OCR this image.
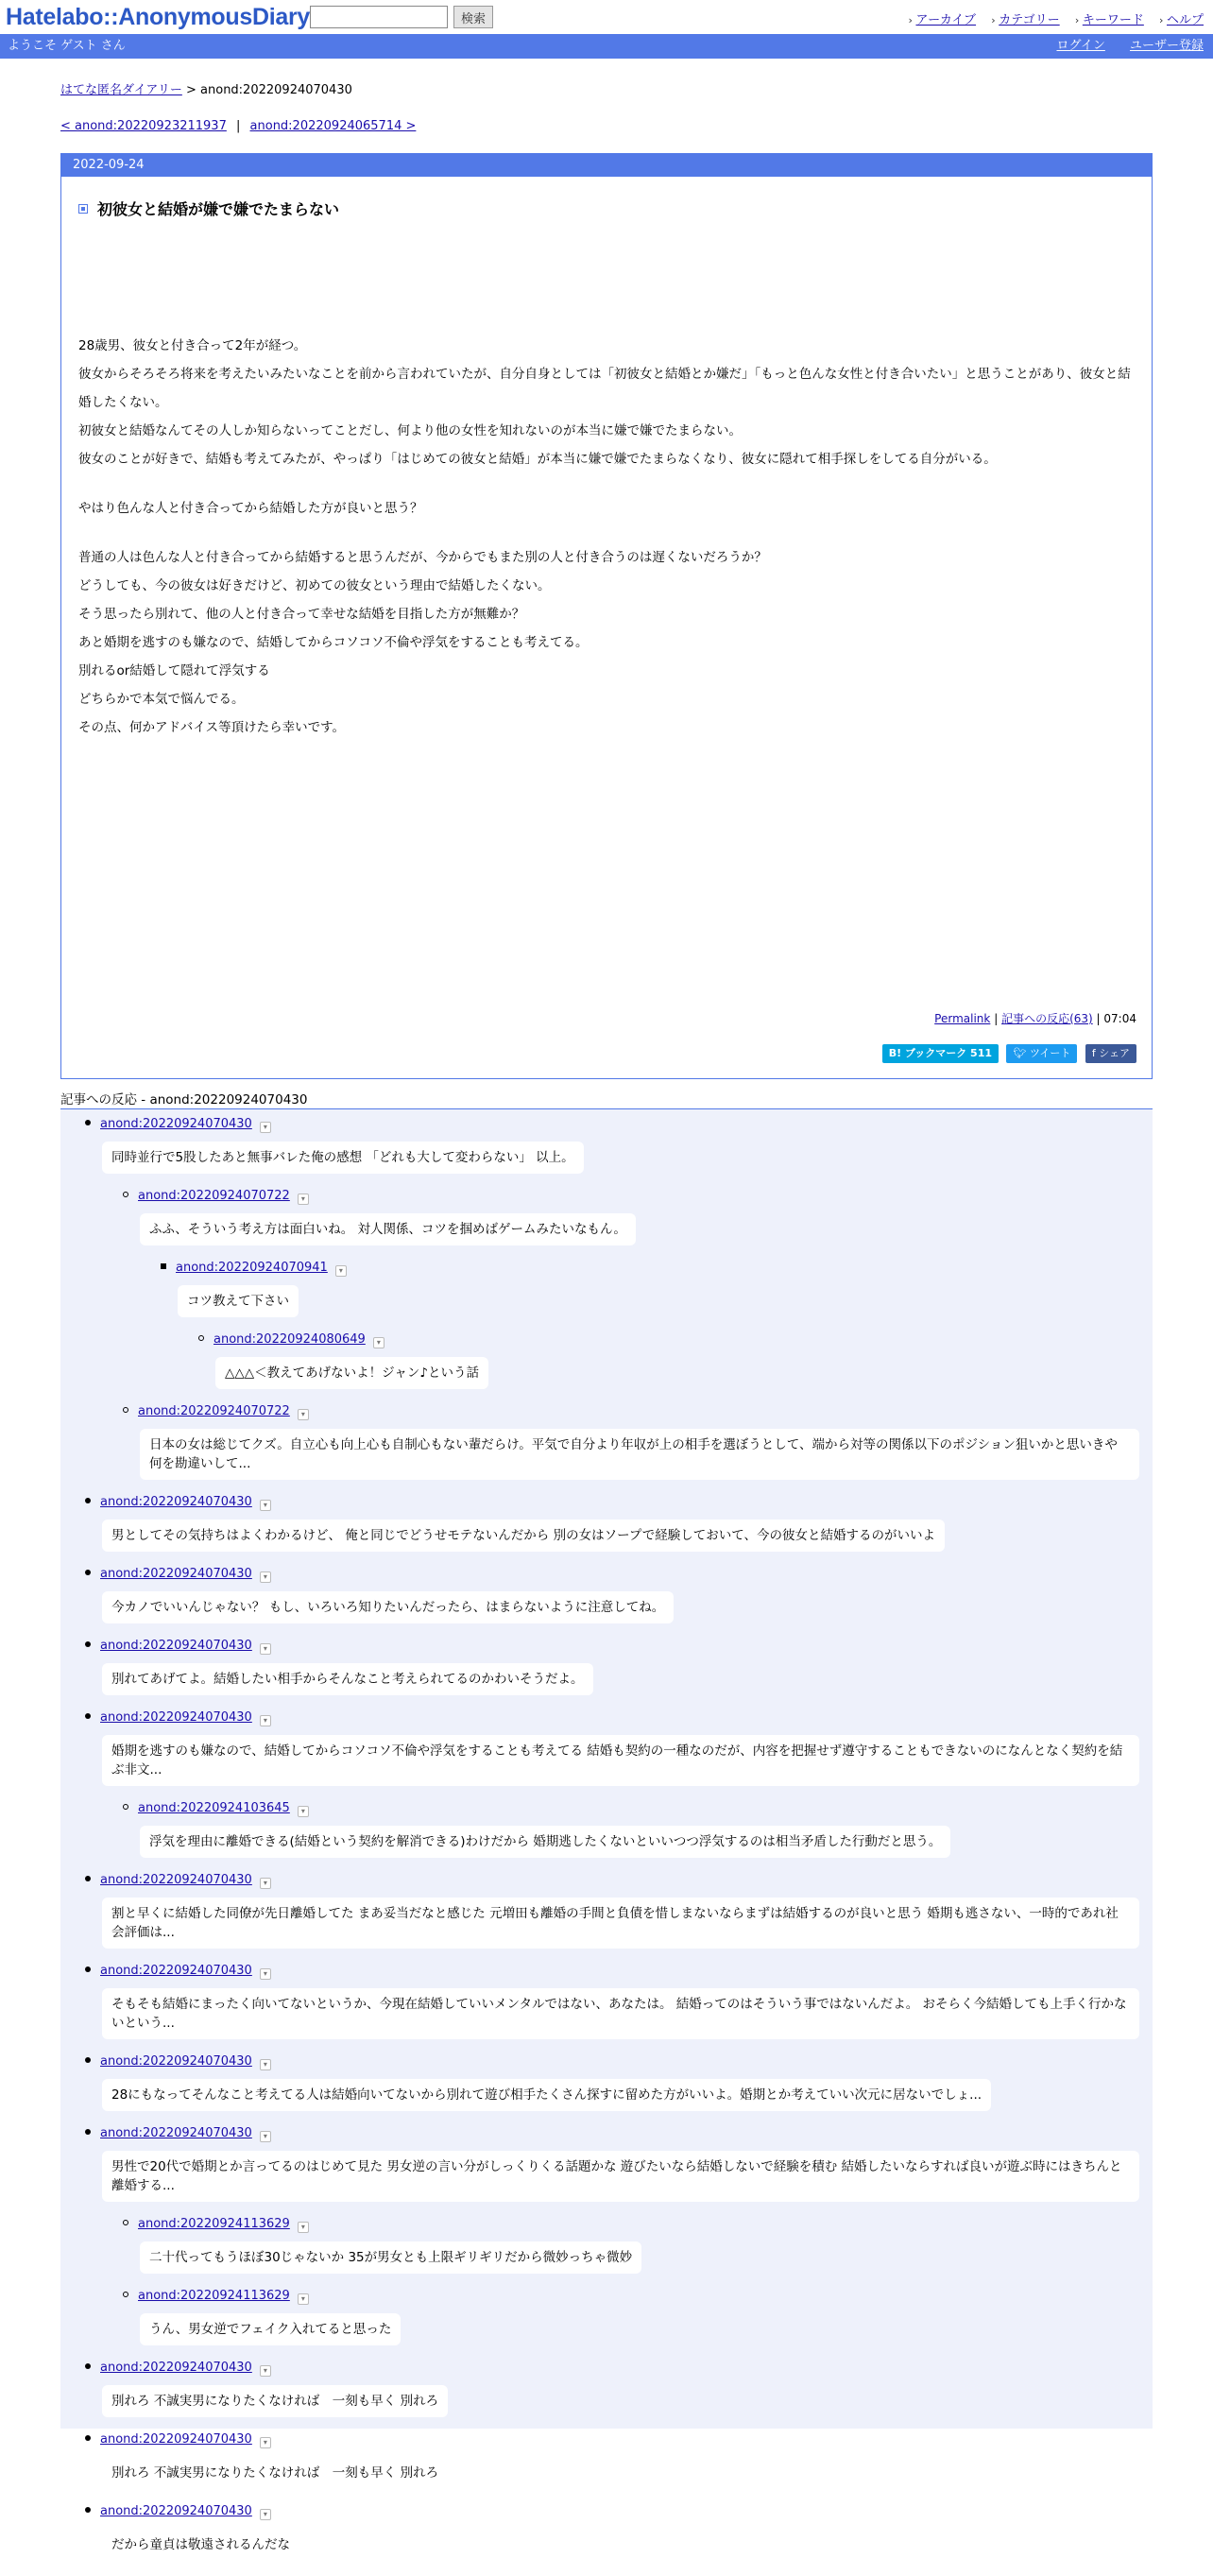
Hatelabo::AnonymousDiary	検索	› アーカイブ › カテゴリー › キーワード › ヘルプ
ようこそ ゲスト さん	ログイン ユーザー登録
はてな匿名ダイアリー > anond:20220924070430
< anond:20220923211937 | anond:20220924065714 >
2022-09-24
初彼女と結婚が嫌で嫌でたまらない

28歳男、彼女と付き合って2年が経つ。

彼女からそろそろ将来を考えたいみたいなことを前から言われていたが、自分自身としては「初彼女と結婚とか嫌だ」「もっと色んな女性と付き合いたい」と思うことがあり、彼女と結婚したくない。

初彼女と結婚なんてその人しか知らないってことだし、何より他の女性を知れないのが本当に嫌で嫌でたまらない。

彼女のことが好きで、結婚も考えてみたが、やっぱり「はじめての彼女と結婚」が本当に嫌で嫌でたまらなくなり、彼女に隠れて相手探しをしてる自分がいる。

やはり色んな人と付き合ってから結婚した方が良いと思う？

普通の人は色んな人と付き合ってから結婚すると思うんだが、今からでもまた別の人と付き合うのは遅くないだろうか？

どうしても、今の彼女は好きだけど、初めての彼女という理由で結婚したくない。

そう思ったら別れて、他の人と付き合って幸せな結婚を目指した方が無難か？

あと婚期を逃すのも嫌なので、結婚してからコソコソ不倫や浮気をすることも考えてる。

別れるor結婚して隠れて浮気する

どちらかで本気で悩んでる。

その点、何かアドバイス等頂けたら幸いです。

Permalink | 記事への反応(63) | 07:04
B! ブックマーク 511 🐦︎ ツイート f シェア
記事への反応 - anond:20220924070430
anond:20220924070430 ▾
同時並行で5股したあと無事バレた俺の感想 「どれも大して変わらない」 以上。
anond:20220924070722 ▾
ふふ、そういう考え方は面白いね。 対人関係、コツを掴めばゲームみたいなもん。
anond:20220924070941 ▾
コツ教えて下さい
anond:20220924080649 ▾
△△△＜教えてあげないよ！ジャン♪という話
anond:20220924070722 ▾
日本の女は総じてクズ。自立心も向上心も自制心もない輩だらけ。平気で自分より年収が上の相手を選ぼうとして、端から対等の関係以下のポジション狙いかと思いきや何を勘違いして...
anond:20220924070430 ▾
男としてその気持ちはよくわかるけど、 俺と同じでどうせモテないんだから 別の女はソープで経験しておいて、今の彼女と結婚するのがいいよ
anond:20220924070430 ▾
今カノでいいんじゃない？ もし、いろいろ知りたいんだったら、はまらないように注意してね。
anond:20220924070430 ▾
別れてあげてよ。結婚したい相手からそんなこと考えられてるのかわいそうだよ。
anond:20220924070430 ▾
婚期を逃すのも嫌なので、結婚してからコソコソ不倫や浮気をすることも考えてる 結婚も契約の一種なのだが、内容を把握せず遵守することもできないのになんとなく契約を結ぶ非文...
anond:20220924103645 ▾
浮気を理由に離婚できる(結婚という契約を解消できる)わけだから 婚期逃したくないといいつつ浮気するのは相当矛盾した行動だと思う。
anond:20220924070430 ▾
割と早くに結婚した同僚が先日離婚してた まあ妥当だなと感じた 元増田も離婚の手間と負債を惜しまないならまずは結婚するのが良いと思う 婚期も逃さない、一時的であれ社会評価は...
anond:20220924070430 ▾
そもそも結婚にまったく向いてないというか、今現在結婚していいメンタルではない、あなたは。 結婚ってのはそういう事ではないんだよ。 おそらく今結婚しても上手く行かないという...
anond:20220924070430 ▾
28にもなってそんなこと考えてる人は結婚向いてないから別れて遊び相手たくさん探すに留めた方がいいよ。婚期とか考えていい次元に居ないでしょ...
anond:20220924070430 ▾
男性で20代で婚期とか言ってるのはじめて見た 男女逆の言い分がしっくりくる話題かな 遊びたいなら結婚しないで経験を積む 結婚したいならすれば良いが遊ぶ時にはきちんと離婚する...
anond:20220924113629 ▾
二十代ってもうほぼ30じゃないか 35が男女とも上限ギリギリだから微妙っちゃ微妙
anond:20220924113629 ▾
うん、男女逆でフェイク入れてると思った
anond:20220924070430 ▾
別れろ 不誠実男になりたくなければ　一刻も早く 別れろ
anond:20220924070430 ▾
別れろ 不誠実男になりたくなければ　一刻も早く 別れろ
anond:20220924070430 ▾
だから童貞は敬遠されるんだな
